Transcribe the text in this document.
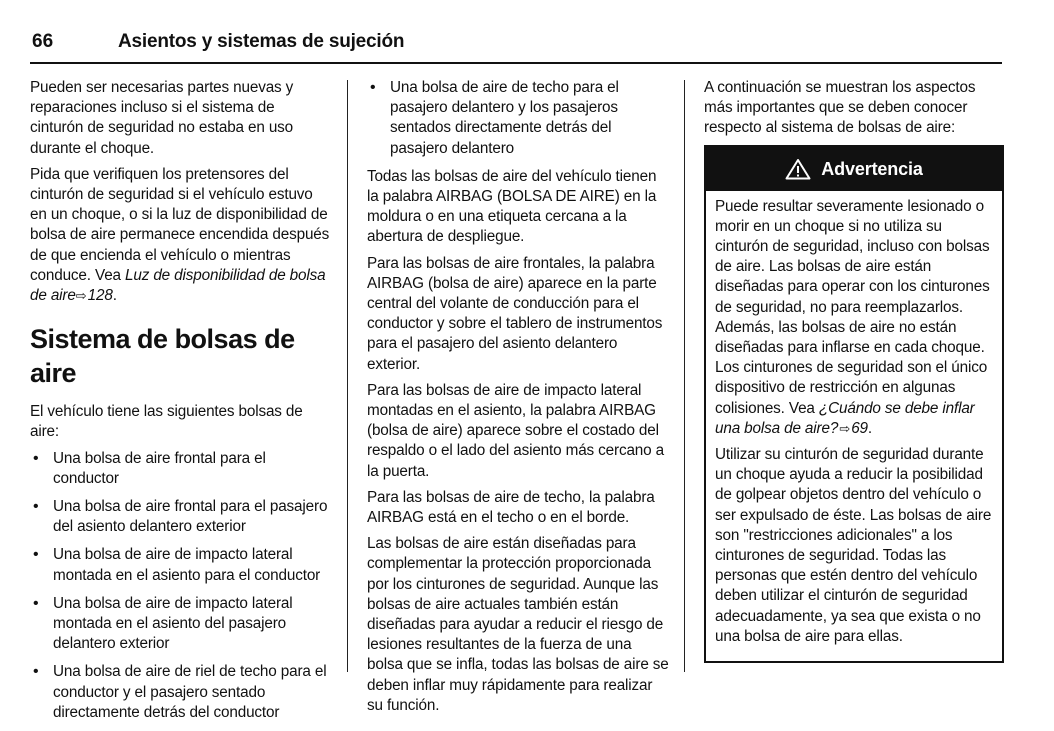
66	Asientos y sistemas de sujeción

Pueden ser necesarias partes nuevas y reparaciones incluso si el sistema de cinturón de seguridad no estaba en uso durante el choque.

Pida que verifiquen los pretensores del cinturón de seguridad si el vehículo estuvo en un choque, o si la luz de disponibilidad de bolsa de aire permanece encendida después de que encienda el vehículo o mientras conduce. Vea Luz de disponibilidad de bolsa de aire⇨ 128.

Sistema de bolsas de aire

El vehículo tiene las siguientes bolsas de aire:

• Una bolsa de aire frontal para el conductor
• Una bolsa de aire frontal para el pasajero del asiento delantero exterior
• Una bolsa de aire de impacto lateral montada en el asiento para el conductor
• Una bolsa de aire de impacto lateral montada en el asiento del pasajero delantero exterior
• Una bolsa de aire de riel de techo para el conductor y el pasajero sentado directamente detrás del conductor
• Una bolsa de aire de techo para el pasajero delantero y los pasajeros sentados directamente detrás del pasajero delantero

Todas las bolsas de aire del vehículo tienen la palabra AIRBAG (BOLSA DE AIRE) en la moldura o en una etiqueta cercana a la abertura de despliegue.

Para las bolsas de aire frontales, la palabra AIRBAG (bolsa de aire) aparece en la parte central del volante de conducción para el conductor y sobre el tablero de instrumentos para el pasajero del asiento delantero exterior.

Para las bolsas de aire de impacto lateral montadas en el asiento, la palabra AIRBAG (bolsa de aire) aparece sobre el costado del respaldo o el lado del asiento más cercano a la puerta.

Para las bolsas de aire de techo, la palabra AIRBAG está en el techo o en el borde.

Las bolsas de aire están diseñadas para complementar la protección proporcionada por los cinturones de seguridad. Aunque las bolsas de aire actuales también están diseñadas para ayudar a reducir el riesgo de lesiones resultantes de la fuerza de una bolsa que se infla, todas las bolsas de aire se deben inflar muy rápidamente para realizar su función.

A continuación se muestran los aspectos más importantes que se deben conocer respecto al sistema de bolsas de aire:

Advertencia

Puede resultar severamente lesionado o morir en un choque si no utiliza su cinturón de seguridad, incluso con bolsas de aire. Las bolsas de aire están diseñadas para operar con los cinturones de seguridad, no para reemplazarlos. Además, las bolsas de aire no están diseñadas para inflarse en cada choque. Los cinturones de seguridad son el único dispositivo de restricción en algunas colisiones. Vea ¿Cuándo se debe inflar una bolsa de aire? ⇨ 69.

Utilizar su cinturón de seguridad durante un choque ayuda a reducir la posibilidad de golpear objetos dentro del vehículo o ser expulsado de éste. Las bolsas de aire son "restricciones adicionales" a los cinturones de seguridad. Todas las personas que estén dentro del vehículo deben utilizar el cinturón de seguridad adecuadamente, ya sea que exista o no una bolsa de aire para ellas.
